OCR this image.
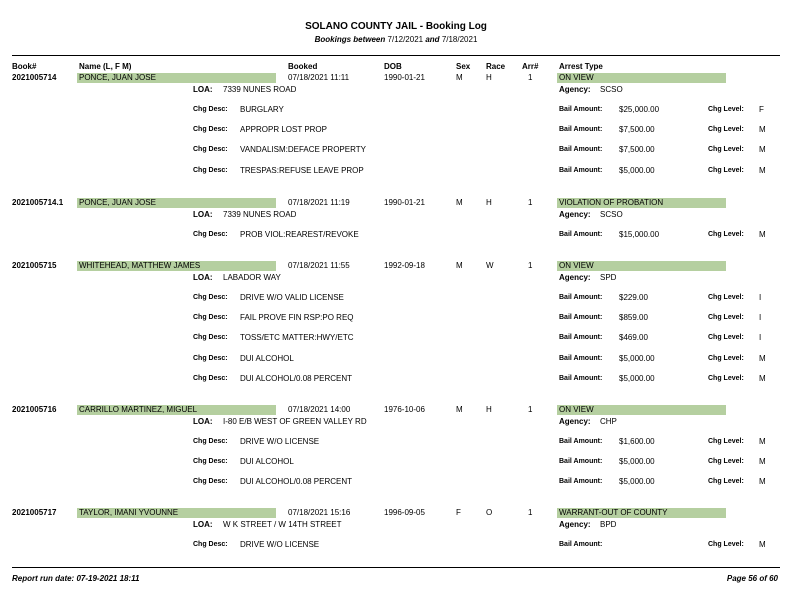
SOLANO COUNTY JAIL - Booking Log
Bookings between 7/12/2021 and 7/18/2021
Book#	Name (L, F M)	Booked	DOB	Sex Race Arr#	Arrest Type
2021005714	PONCE, JUAN JOSE	07/18/2021 11:11	1990-01-21	M	H	1	ON VIEW
LOA: 7339 NUNES ROAD	Agency: SCSO
Chg Desc: BURGLARY	Bail Amount: $25,000.00	Chg Level: F
Chg Desc: APPROPR LOST PROP	Bail Amount: $7,500.00	Chg Level: M
Chg Desc: VANDALISM:DEFACE PROPERTY	Bail Amount: $7,500.00	Chg Level: M
Chg Desc: TRESPAS:REFUSE LEAVE PROP	Bail Amount: $5,000.00	Chg Level: M
2021005714.1 PONCE, JUAN JOSE	07/18/2021 11:19	1990-01-21	M	H	1	VIOLATION OF PROBATION
LOA: 7339 NUNES ROAD	Agency: SCSO
Chg Desc: PROB VIOL:REAREST/REVOKE	Bail Amount: $15,000.00	Chg Level: M
2021005715	WHITEHEAD, MATTHEW JAMES	07/18/2021 11:55	1992-09-18	M	W	1	ON VIEW
LOA: LABADOR WAY	Agency: SPD
Chg Desc: DRIVE W/O VALID LICENSE	Bail Amount: $229.00	Chg Level: I
Chg Desc: FAIL PROVE FIN RSP:PO REQ	Bail Amount: $859.00	Chg Level: I
Chg Desc: TOSS/ETC MATTER:HWY/ETC	Bail Amount: $469.00	Chg Level: I
Chg Desc: DUI ALCOHOL	Bail Amount: $5,000.00	Chg Level: M
Chg Desc: DUI ALCOHOL/0.08 PERCENT	Bail Amount: $5,000.00	Chg Level: M
2021005716	CARRILLO MARTINEZ, MIGUEL	07/18/2021 14:00	1976-10-06	M	H	1	ON VIEW
LOA: I-80 E/B WEST OF GREEN VALLEY RD	Agency: CHP
Chg Desc: DRIVE W/O LICENSE	Bail Amount: $1,600.00	Chg Level: M
Chg Desc: DUI ALCOHOL	Bail Amount: $5,000.00	Chg Level: M
Chg Desc: DUI ALCOHOL/0.08 PERCENT	Bail Amount: $5,000.00	Chg Level: M
2021005717	TAYLOR, IMANI YVOUNNE	07/18/2021 15:16	1996-09-05	F	O	1	WARRANT-OUT OF COUNTY
LOA: W K STREET / W 14TH STREET	Agency: BPD
Chg Desc: DRIVE W/O LICENSE	Bail Amount:	Chg Level: M
Report run date: 07-19-2021 18:11	Page 56 of 60
